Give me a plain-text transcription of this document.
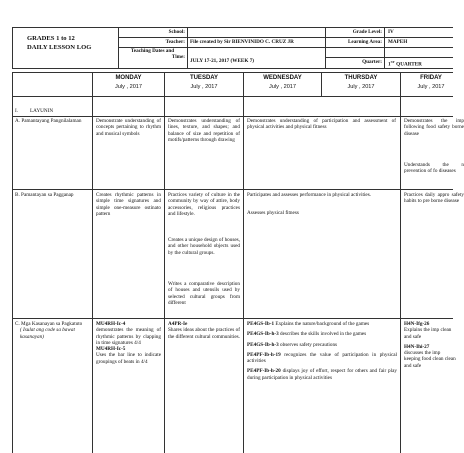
GRADES 1 to 12

DAILY LESSON LOG

School:
Teacher: File created by Sir BIENVINIDO C. CRUZ JR

Teaching Dates and

Time:

JULY 17-21, 2017 (WEEK 7)
Grade Level: IV
Learning Area: MAPEH
Quarter: 1ST QUARTER
MONDAY
July , 2017
TUESDAY
July , 2017
WEDNESDAY
July , 2017
THURSDAY
July , 2017
FRIDAY
July , 2017
I. LAYUNIN
A. Pamantayang Pangnilalaman	Demonstrate understanding of concepts pertaining to rhythm and musical symbols
Demonstrates understanding of lines, texture, and shapes; and balance of size and repetition of motifs/patterns through drawing
Demonstrates understanding of participation and assessment of physical activities and physical fitness
Demonstrates the imp following food safety borne disease
Understands the n prevention of fo diseases
B. Pamantayan sa Pagganap	Creates rhythmic patterns in simple time signatures and simple one-measure ostinato pattern
Practices variety of culture in the community by way of attire, body accessories, religious practices and lifestyle.
Creates a unique design of houses, and other household objects used by the cultural groups.
Writes a comparative description of houses and utensils used by selected cultural groups from different
Participates and assesses performance in physical activities.
Assesses physical fitness
Practices daily appro safety habits to pre borne disease

C. Mga Kasanayan sa Pagkatuto

( Isulat ang code sa bawat kasanayan)

MU4RH-Ic-4

demonstrates the meaning of rhythmic patterns by clapping in time signatures 4/4

MU4RH-Ic-5

Uses the bar line to indicate groupings of beats in 4/4

A4PR-Ie

Shares ideas about the practices of the different cultural communities.

PE4GS-Ib-1 Explains the nature/background of the games

PE4GS-Ib-h-3 describes the skills involved in the games

PE4GS-Ib-h-3 observes safety precautions

PE4PF-Ib-h-19 recognizes the value of participation in physical activities

PE4PF-Ib-h-20 displays joy of effort, respect for others and fair play during participation in physical activities

H4N-Ifg-26

Explains the imp clean and safe

H4N-Ihi-27

discusses the imp keeping food clean clean and safe
